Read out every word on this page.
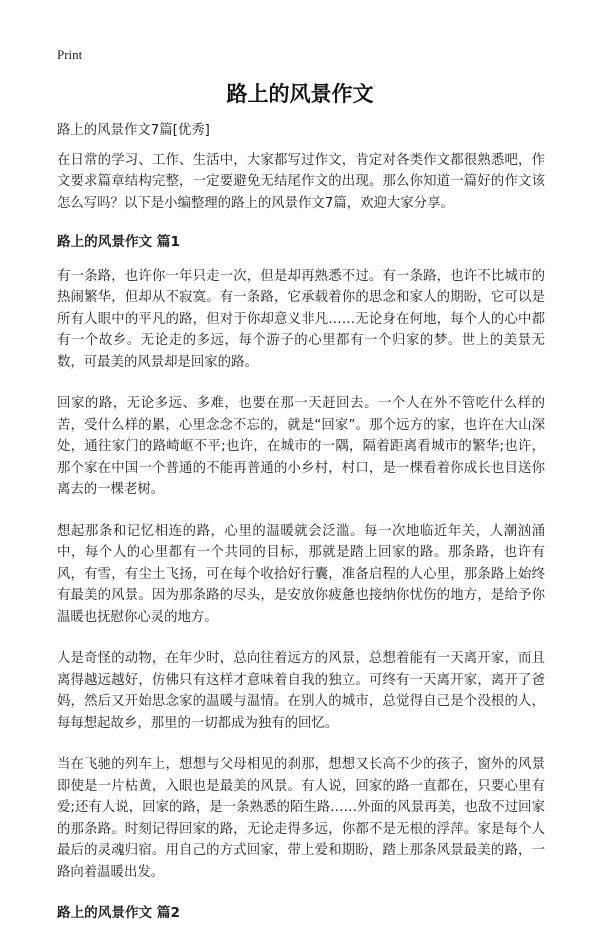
Print
路上的风景作文

路上的风景作文7篇[优秀]

在日常的学习、工作、生活中，大家都写过作文，肯定对各类作文都很熟悉吧，作文要求篇章结构完整，一定要避免无结尾作文的出现。那么你知道一篇好的作文该怎么写吗？以下是小编整理的路上的风景作文7篇，欢迎大家分享。

路上的风景作文 篇1

有一条路，也许你一年只走一次，但是却再熟悉不过。有一条路，也许不比城市的热闹繁华，但却从不寂寞。有一条路，它承载着你的思念和家人的期盼，它可以是所有人眼中的平凡的路，但对于你却意义非凡……无论身在何地，每个人的心中都有一个故乡。无论走的多远，每个游子的心里都有一个归家的梦。世上的美景无数，可最美的风景却是回家的路。

回家的路，无论多远、多难，也要在那一天赶回去。一个人在外不管吃什么样的苦，受什么样的累，心里念念不忘的，就是“回家”。那个远方的家，也许在大山深处，通往家门的路崎岖不平;也许，在城市的一隅，隔着距离看城市的繁华;也许，那个家在中国一个普通的不能再普通的小乡村，村口，是一棵看着你成长也目送你离去的一棵老树。

想起那条和记忆相连的路，心里的温暖就会泛滥。每一次地临近年关，人潮汹涌中，每个人的心里都有一个共同的目标，那就是踏上回家的路。那条路，也许有风，有雪，有尘土飞扬，可在每个收拾好行囊，准备启程的人心里，那条路上始终有最美的风景。因为那条路的尽头，是安放你疲惫也接纳你忧伤的地方，是给予你温暖也抚慰你心灵的地方。

人是奇怪的动物，在年少时，总向往着远方的风景，总想着能有一天离开家，而且离得越远越好，仿佛只有这样才意味着自我的独立。可终有一天离开家，离开了爸妈，然后又开始思念家的温暖与温情。在别人的城市，总觉得自己是个没根的人，每每想起故乡，那里的一切都成为独有的回忆。

当在飞驰的列车上，想想与父母相见的刹那，想想又长高不少的孩子，窗外的风景即使是一片枯黄，入眼也是最美的风景。有人说，回家的路一直都在，只要心里有爱;还有人说，回家的路，是一条熟悉的陌生路……外面的风景再美，也敌不过回家的那条路。时刻记得回家的路，无论走得多远，你都不是无根的浮萍。家是每个人最后的灵魂归宿。用自己的方式回家，带上爱和期盼，踏上那条风景最美的路，一路向着温暖出发。

路上的风景作文 篇2
